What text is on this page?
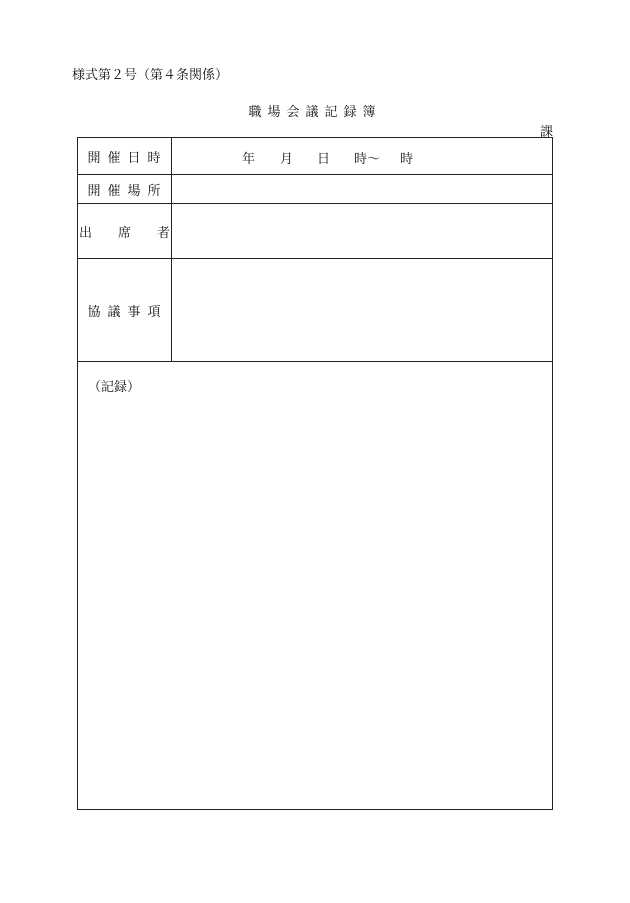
様式第２号（第４条関係）
職場会議記録簿
課
開催日時	年 月 日 時～ 時
開催場所
出席者
協議事項
（記録）
